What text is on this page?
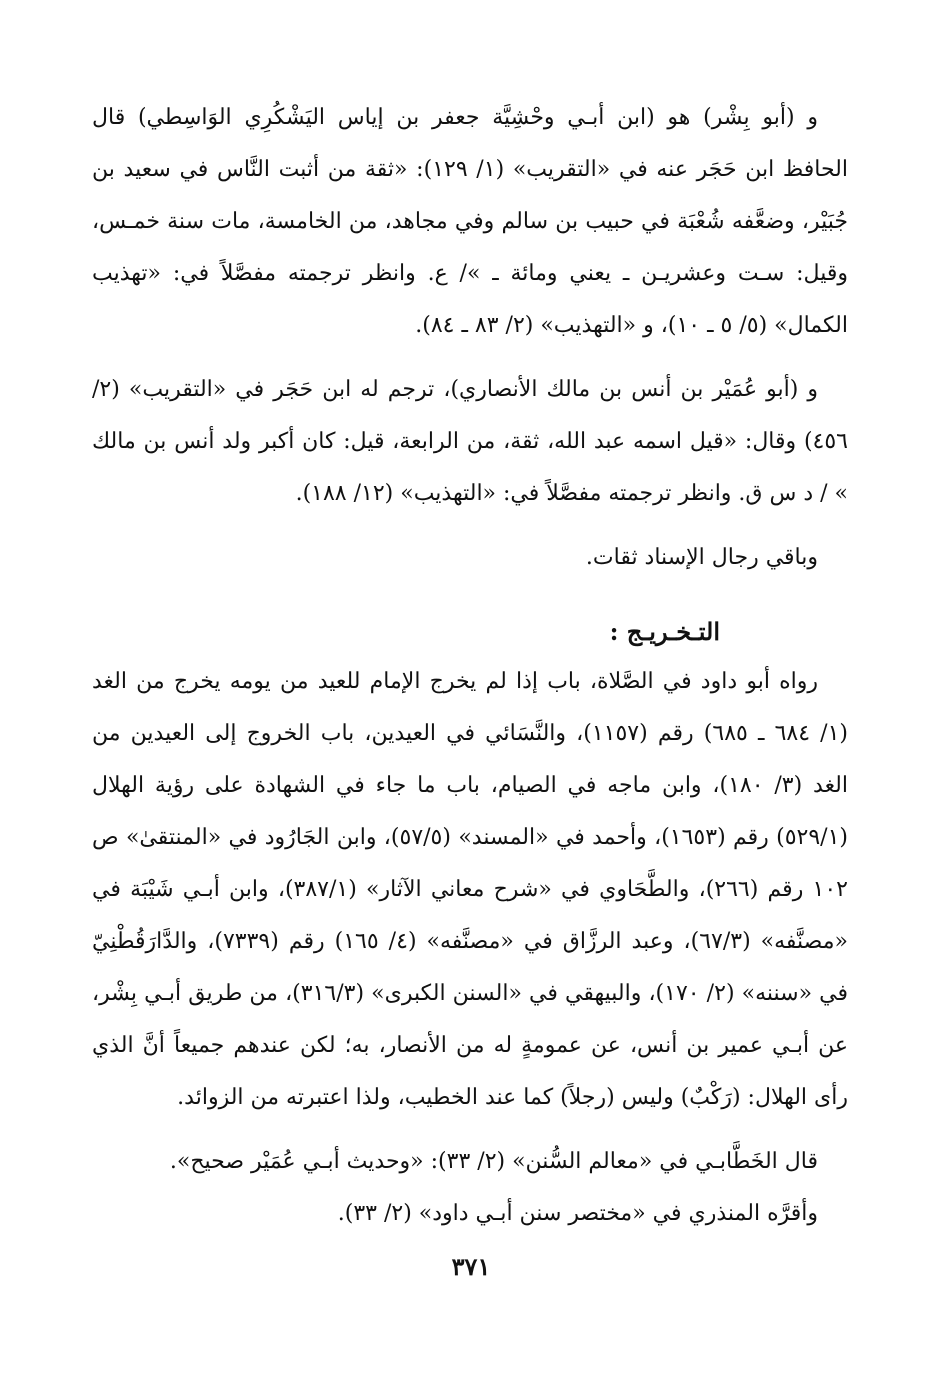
و (أبو بِشْر) هو (ابن أبـي وحْشِيَّة جعفر بن إياس اليَشْكُرِي الوَاسِطي) قال الحافظ ابن حَجَر عنه في «التقريب» (١/ ١٢٩): «ثقة من أثبت النَّاس في سعيد بن جُبَيْر، وضعَّفه شُعْبَة في حبيب بن سالم وفي مجاهد، من الخامسة، مات سنة خمـس، وقيل: سـت وعشريـن ـ يعني ومائة ـ »/ ع. وانظر ترجمته مفصَّلاً في: «تهذيب الكمال» (٥/ ٥ ـ ١٠)، و «التهذيب» (٢/ ٨٣ ـ ٨٤).

و (أبو عُمَيْر بن أنس بن مالك الأنصاري)، ترجم له ابن حَجَر في «التقريب» (٢/ ٤٥٦) وقال: «قيل اسمه عبد الله، ثقة، من الرابعة، قيل: كان أكبر ولد أنس بن مالك » / د س ق. وانظر ترجمته مفصَّلاً في: «التهذيب» (١٢/ ١٨٨).

وباقي رجال الإسناد ثقات.

التـخـريـج :

رواه أبو داود في الصَّلاة، باب إذا لم يخرج الإمام للعيد من يومه يخرج من الغد (١/ ٦٨٤ ـ ٦٨٥) رقم (١١٥٧)، والنَّسَائي في العيدين، باب الخروج إلى العيدين من الغد (٣/ ١٨٠)، وابن ماجه في الصيام، باب ما جاء في الشهادة على رؤية الهلال (٥٢٩/١) رقم (١٦٥٣)، وأحمد في «المسند» (٥٧/٥)، وابن الجَارُود في «المنتقىٰ» ص ١٠٢ رقم (٢٦٦)، والطَّحَاوي في «شرح معاني الآثار» (٣٨٧/١)، وابن أبـي شَيْبَة في «مصنَّفه» (٦٧/٣)، وعبد الرزَّاق في «مصنَّفه» (٤/ ١٦٥) رقم (٧٣٣٩)، والدَّارَقُطْنِيّ في «سننه» (٢/ ١٧٠)، والبيهقي في «السنن الكبرى» (٣١٦/٣)، من طريق أبـي بِشْر، عن أبـي عمير بن أنس، عن عمومةٍ له من الأنصار، به؛ لكن عندهم جميعاً أنَّ الذي رأى الهلال: (رَكْبٌ) وليس (رجلاً) كما عند الخطيب، ولذا اعتبرته من الزوائد.

قال الخَطَّابـي في «معالم السُّنن» (٢/ ٣٣): «وحديث أبـي عُمَيْر صحيح».

وأقرَّه المنذري في «مختصر سنن أبـي داود» (٢/ ٣٣).

٣٧١
